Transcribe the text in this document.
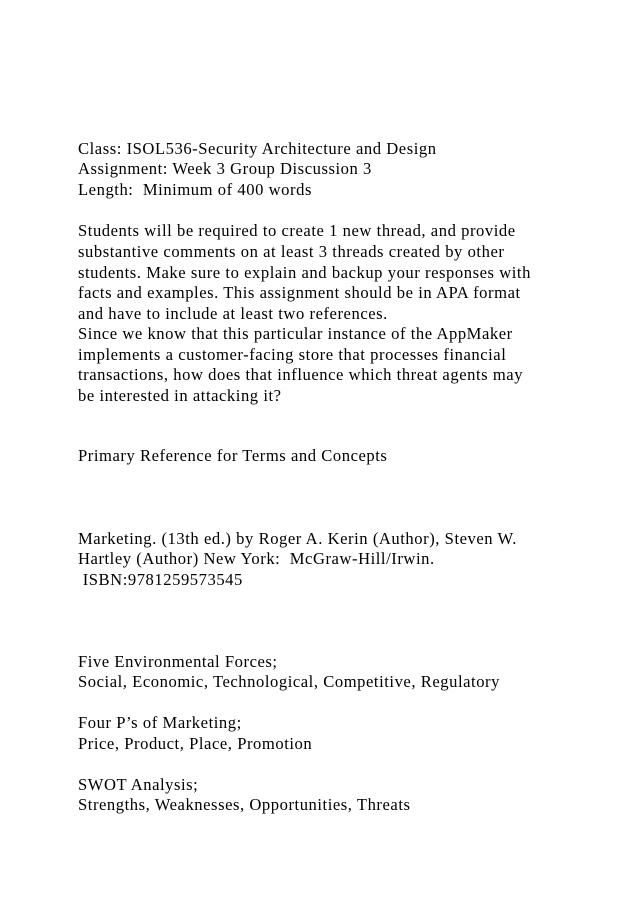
Class: ISOL536-Security Architecture and Design
Assignment: Week 3 Group Discussion 3
Length:  Minimum of 400 words
Students will be required to create 1 new thread, and provide
substantive comments on at least 3 threads created by other
students. Make sure to explain and backup your responses with
facts and examples. This assignment should be in APA format
and have to include at least two references.
Since we know that this particular instance of the AppMaker
implements a customer-facing store that processes financial
transactions, how does that influence which threat agents may
be interested in attacking it?
Primary Reference for Terms and Concepts
Marketing. (13th ed.) by Roger A. Kerin (Author), Steven W.
Hartley (Author) New York:  McGraw-Hill/Irwin.
ISBN:9781259573545
Five Environmental Forces;
Social, Economic, Technological, Competitive, Regulatory
Four P’s of Marketing;
Price, Product, Place, Promotion
SWOT Analysis;
Strengths, Weaknesses, Opportunities, Threats
